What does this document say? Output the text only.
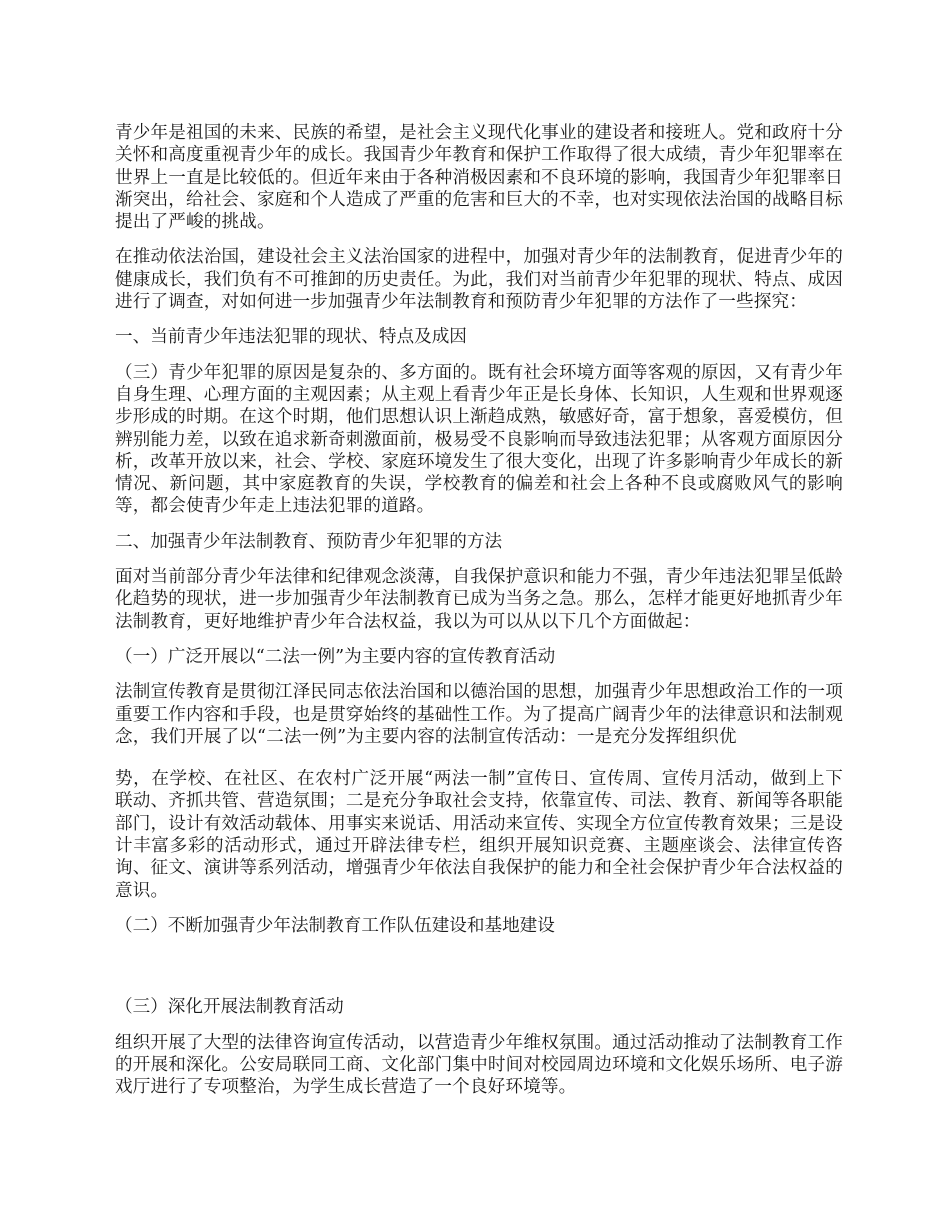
青少年是祖国的未来、民族的希望，是社会主义现代化事业的建设者和接班人。党和政府十分关怀和高度重视青少年的成长。我国青少年教育和保护工作取得了很大成绩，青少年犯罪率在世界上一直是比较低的。但近年来由于各种消极因素和不良环境的影响，我国青少年犯罪率日渐突出，给社会、家庭和个人造成了严重的危害和巨大的不幸，也对实现依法治国的战略目标提出了严峻的挑战。

在推动依法治国，建设社会主义法治国家的进程中，加强对青少年的法制教育，促进青少年的健康成长，我们负有不可推卸的历史责任。为此，我们对当前青少年犯罪的现状、特点、成因进行了调查，对如何进一步加强青少年法制教育和预防青少年犯罪的方法作了一些探究：

一、当前青少年违法犯罪的现状、特点及成因

（三）青少年犯罪的原因是复杂的、多方面的。既有社会环境方面等客观的原因，又有青少年自身生理、心理方面的主观因素；从主观上看青少年正是长身体、长知识，人生观和世界观逐步形成的时期。在这个时期，他们思想认识上渐趋成熟，敏感好奇，富于想象，喜爱模仿，但辨别能力差，以致在追求新奇刺激面前，极易受不良影响而导致违法犯罪；从客观方面原因分析，改革开放以来，社会、学校、家庭环境发生了很大变化，出现了许多影响青少年成长的新情况、新问题，其中家庭教育的失误，学校教育的偏差和社会上各种不良或腐败风气的影响等，都会使青少年走上违法犯罪的道路。

二、加强青少年法制教育、预防青少年犯罪的方法

面对当前部分青少年法律和纪律观念淡薄，自我保护意识和能力不强，青少年违法犯罪呈低龄化趋势的现状，进一步加强青少年法制教育已成为当务之急。那么，怎样才能更好地抓青少年法制教育，更好地维护青少年合法权益，我以为可以从以下几个方面做起：

（一）广泛开展以“二法一例”为主要内容的宣传教育活动

法制宣传教育是贯彻江泽民同志依法治国和以德治国的思想，加强青少年思想政治工作的一项重要工作内容和手段，也是贯穿始终的基础性工作。为了提高广阔青少年的法律意识和法制观念，我们开展了以“二法一例”为主要内容的法制宣传活动：一是充分发挥组织优

势，在学校、在社区、在农村广泛开展“两法一制”宣传日、宣传周、宣传月活动，做到上下联动、齐抓共管、营造氛围；二是充分争取社会支持，依靠宣传、司法、教育、新闻等各职能部门，设计有效活动载体、用事实来说话、用活动来宣传、实现全方位宣传教育效果；三是设计丰富多彩的活动形式，通过开辟法律专栏，组织开展知识竞赛、主题座谈会、法律宣传咨询、征文、演讲等系列活动，增强青少年依法自我保护的能力和全社会保护青少年合法权益的意识。

（二）不断加强青少年法制教育工作队伍建设和基地建设

（三）深化开展法制教育活动

组织开展了大型的法律咨询宣传活动，以营造青少年维权氛围。通过活动推动了法制教育工作的开展和深化。公安局联同工商、文化部门集中时间对校园周边环境和文化娱乐场所、电子游戏厅进行了专项整治，为学生成长营造了一个良好环境等。
